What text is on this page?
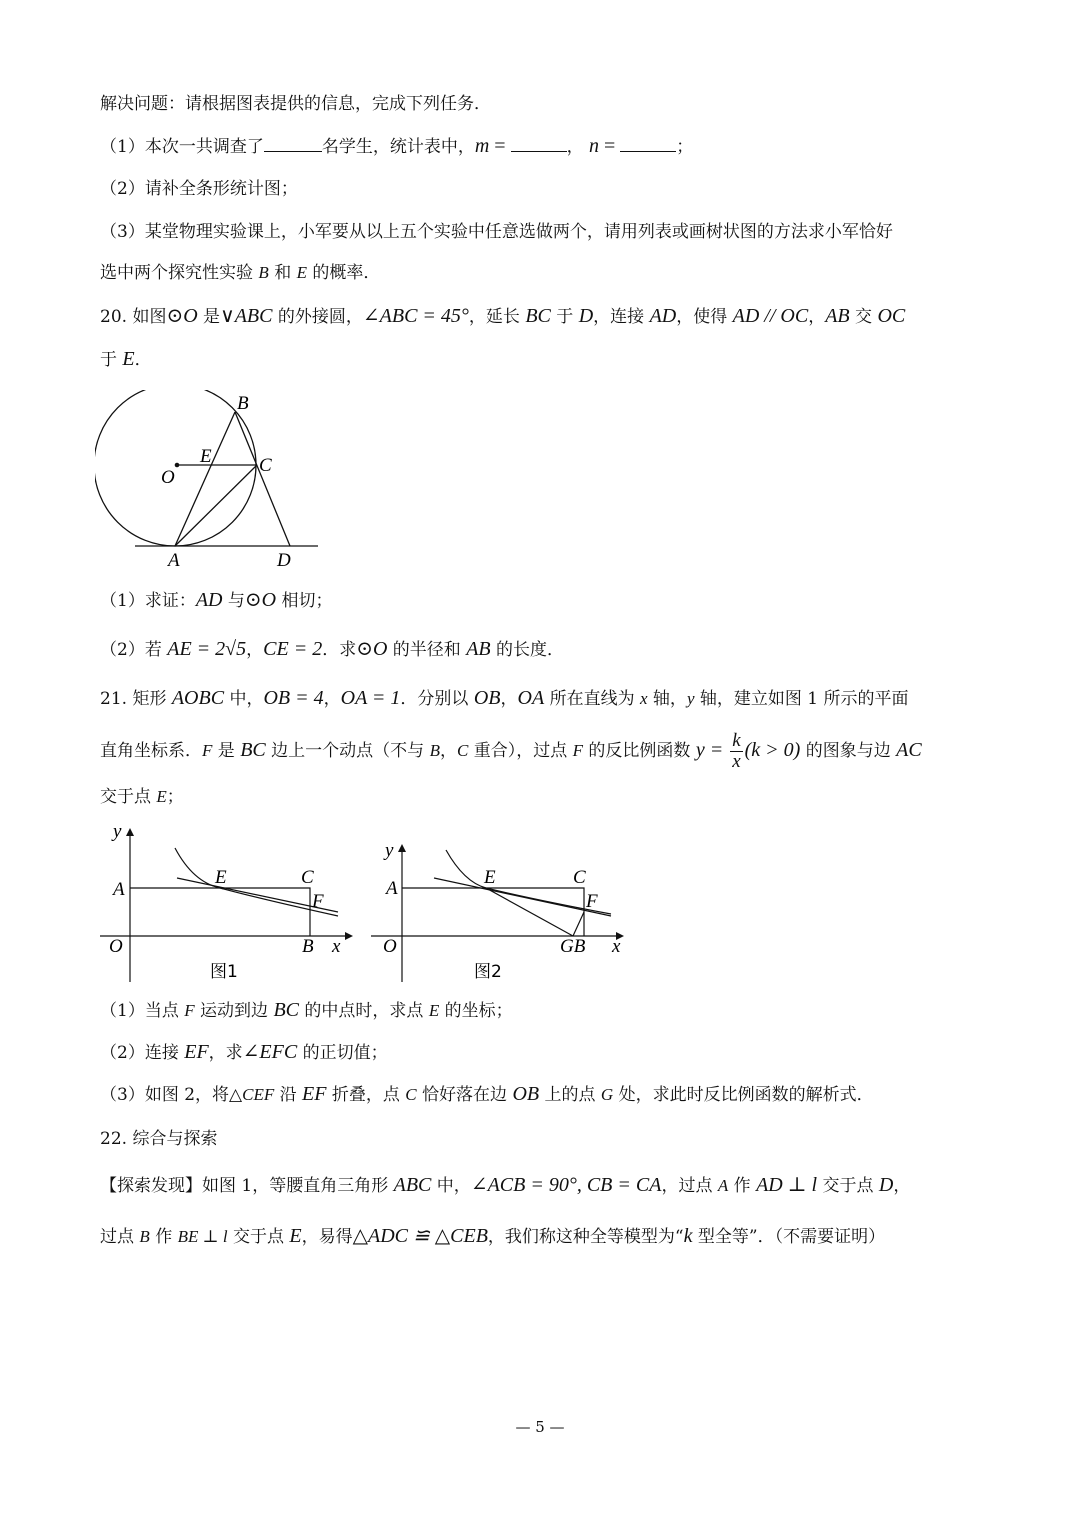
解决问题：请根据图表提供的信息，完成下列任务．
（1）本次一共调查了	名学生，统计表中，m =	， n =	；
（2）请补全条形统计图；
（3）某堂物理实验课上，小军要从以上五个实验中任意选做两个，请用列表或画树状图的方法求小军恰好
选中两个探究性实验 B 和 E 的概率．
20. 如图⊙O 是∨ABC 的外接圆，∠ABC = 45°，延长 BC 于 D，连接 AD，使得 AD // OC，AB 交 OC
于 E．
B
E C
O
A	D
（1）求证：AD 与⊙O 相切；
（2）若 AE = 2√5，CE = 2．求⊙O 的半径和 AB 的长度．
21. 矩形 AOBC 中，OB = 4，OA = 1．分别以 OB，OA 所在直线为 x 轴，y 轴，建立如图 1 所示的平面
直角坐标系．F 是 BC 边上一个动点（不与 B，C 重合），过点 F 的反比例函数 $y = \frac{k}{x} (k > 0)$ 的图象与边 AC
交于点 E；
y
A
E	C
F
O	B x
图1
y
A
E	C
F
O	GB x
图2
（1）当点 F 运动到边 BC 的中点时，求点 E 的坐标；
（2）连接 EF，求∠EFC 的正切值；
（3）如图 2，将△CEF 沿 EF 折叠，点 C 恰好落在边 OB 上的点 G 处，求此时反比例函数的解析式．
22. 综合与探索
【探索发现】如图 1，等腰直角三角形 ABC 中，∠ACB = 90°, CB = CA，过点 A 作 AD ⊥ l 交于点 D，
过点 B 作 BE ⊥ l 交于点 E，易得△ADC ≌ △CEB，我们称这种全等模型为“k 型全等”．（不需要证明）
— 5 —
